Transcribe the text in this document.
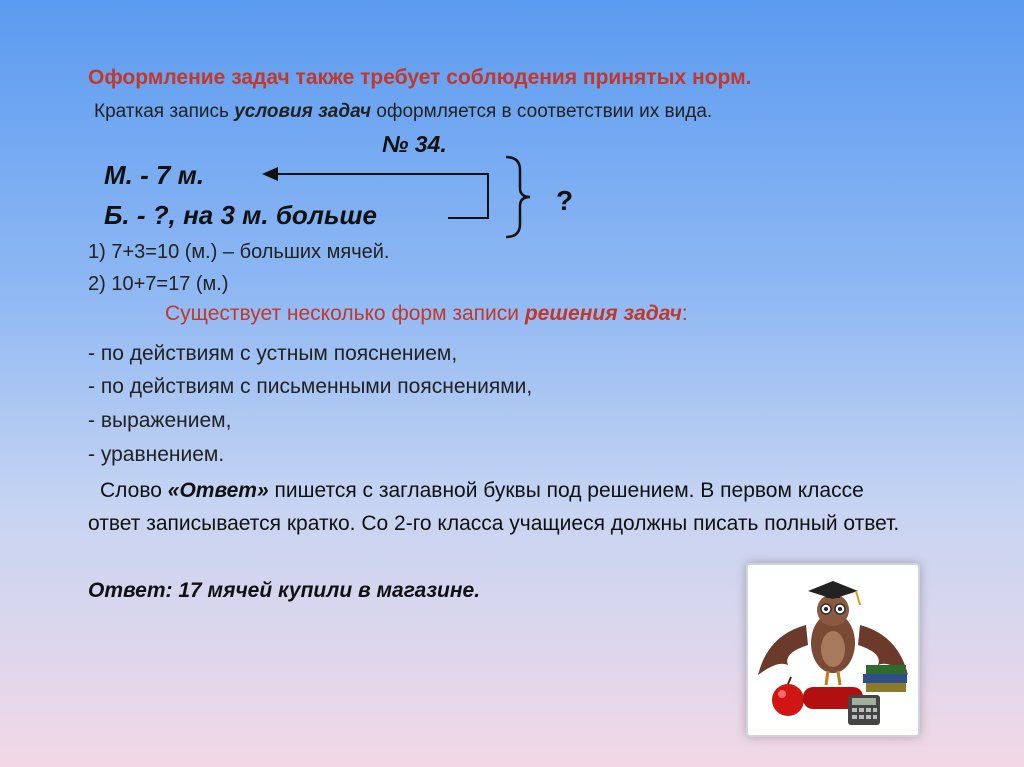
Оформление задач также требует соблюдения принятых норм.
Краткая запись условия задач оформляется в соответствии их вида.
№ 34.
М. - 7 м.
Б. - ?, на 3 м. больше	?
1) 7+3=10 (м.) – больших мячей.
2) 10+7=17 (м.)
Существует несколько форм записи решения задач:
- по действиям с устным пояснением,
- по действиям с письменными пояснениями,
- выражением,
- уравнением.
Слово «Ответ» пишется с заглавной буквы под решением. В первом классе ответ записывается кратко. Со 2-го класса учащиеся должны писать полный ответ.
Ответ: 17 мячей купили в магазине.
